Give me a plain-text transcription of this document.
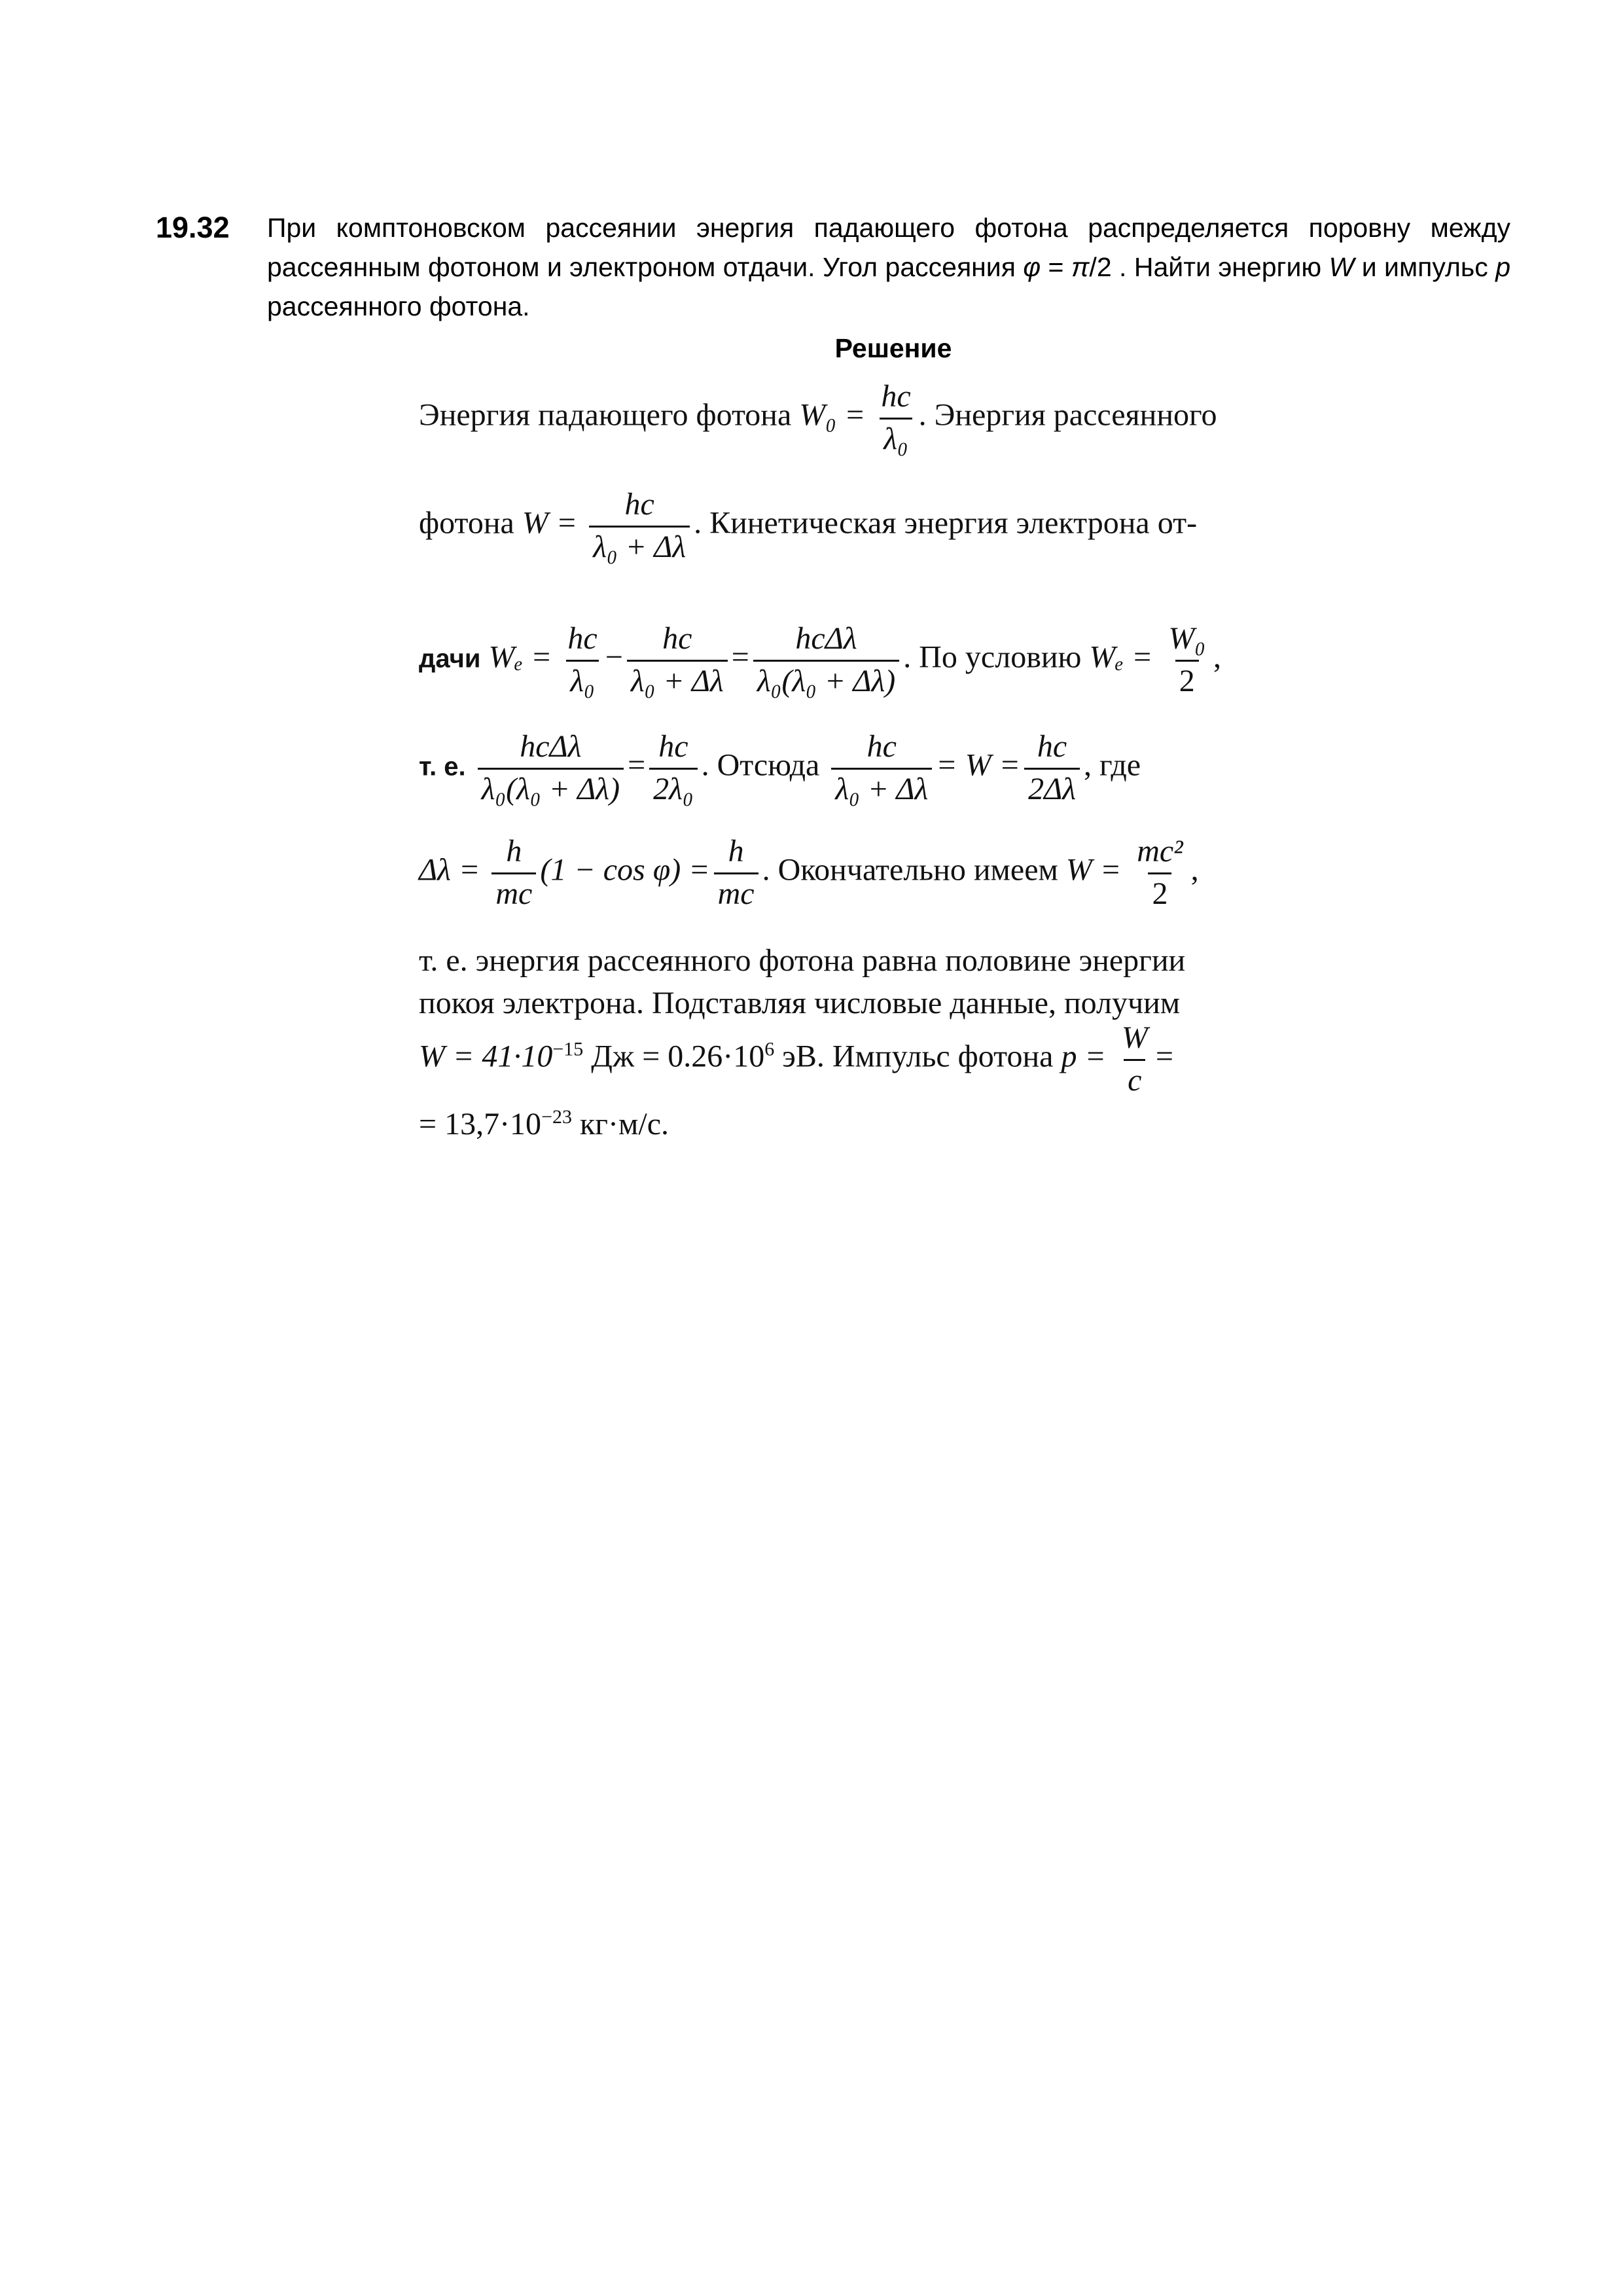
19.32 При комптоновском рассеянии энергия падающего фотона распределяется поровну между рассеянным фотоном и электроном отдачи. Угол рассеяния φ = π/2 . Найти энергию W и импульс p рассеянного фотона.
Решение
Энергия падающего фотона $W_0 = \frac{hc}{\text{λ₀}}$ . Энергия рассеянного
фотона $W = \frac{hc}{\text{λ₀ + Δλ}}$ . Кинетическая энергия электрона от-
дачи $W_e = \frac{hc}{\text{λ₀}} - \frac{hc}{\text{λ₀ + Δλ}} = \frac{\text{hcΔλ}}{\text{λ₀(λ₀ + Δλ)}}$ . По условию $W_e = \frac{\text{W₀}}{2}$ ,
т. е. $\frac{\text{hcΔλ}}{\text{λ₀(λ₀ + Δλ)}} = \frac{hc}{\text{2λ₀}}$ . Отсюда $\frac{hc}{\text{λ₀ + Δλ}} = W = \frac{hc}{2\Delta\lambda}$ , где
$\Delta\lambda = \frac{h}{mc} (1 - \cos \varphi) = \frac{h}{mc}$ . Окончательно имеем $W = \frac{\text{mc²}}{2}$ ,
т. е. энергия рассеянного фотона равна половине энергии
покоя электрона. Подставляя числовые данные, получим
$W = 41\cdot 10^{-15}$ Дж = $0.26\cdot 10^6$ эВ. Импульс фотона $p = \frac{W}{c}$ =
= $13,7\cdot 10^{-23}$ кг·м/с.
